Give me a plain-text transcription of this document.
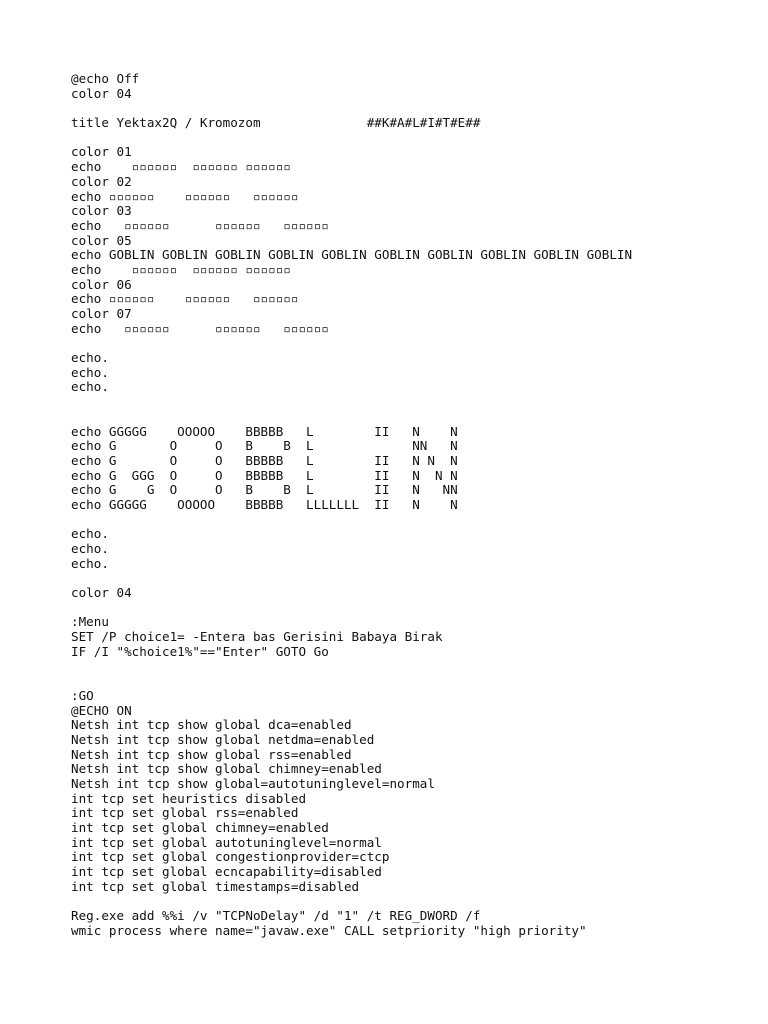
@echo Off
color 04
title Yektax2Q / Kromozom              ##K#A#L#I#T#E##
color 01
echo    ▫▫▫▫▫▫  ▫▫▫▫▫▫ ▫▫▫▫▫▫
color 02
echo ▫▫▫▫▫▫    ▫▫▫▫▫▫   ▫▫▫▫▫▫
color 03
echo   ▫▫▫▫▫▫      ▫▫▫▫▫▫   ▫▫▫▫▫▫
color 05
echo GOBLIN GOBLIN GOBLIN GOBLIN GOBLIN GOBLIN GOBLIN GOBLIN GOBLIN GOBLIN
echo    ▫▫▫▫▫▫  ▫▫▫▫▫▫ ▫▫▫▫▫▫
color 06
echo ▫▫▫▫▫▫    ▫▫▫▫▫▫   ▫▫▫▫▫▫
color 07
echo   ▫▫▫▫▫▫      ▫▫▫▫▫▫   ▫▫▫▫▫▫
echo.
echo.
echo.
echo GGGGG    OOOOO    BBBBB   L        II   N    N
echo G       O     O   B    B  L             NN   N
echo G       O     O   BBBBB   L        II   N N  N
echo G  GGG  O     O   BBBBB   L        II   N  N N
echo G    G  O     O   B    B  L        II   N   NN
echo GGGGG    OOOOO    BBBBB   LLLLLLL  II   N    N
echo.
echo.
echo.
color 04
:Menu
SET /P choice1= -Entera bas Gerisini Babaya Birak
IF /I "%choice1%"=="Enter" GOTO Go
:GO
@ECHO ON
Netsh int tcp show global dca=enabled
Netsh int tcp show global netdma=enabled
Netsh int tcp show global rss=enabled
Netsh int tcp show global chimney=enabled
Netsh int tcp show global=autotuninglevel=normal
int tcp set heuristics disabled
int tcp set global rss=enabled
int tcp set global chimney=enabled
int tcp set global autotuninglevel=normal
int tcp set global congestionprovider=ctcp
int tcp set global ecncapability=disabled
int tcp set global timestamps=disabled
Reg.exe add %%i /v "TCPNoDelay" /d "1" /t REG_DWORD /f
wmic process where name="javaw.exe" CALL setpriority "high priority"
